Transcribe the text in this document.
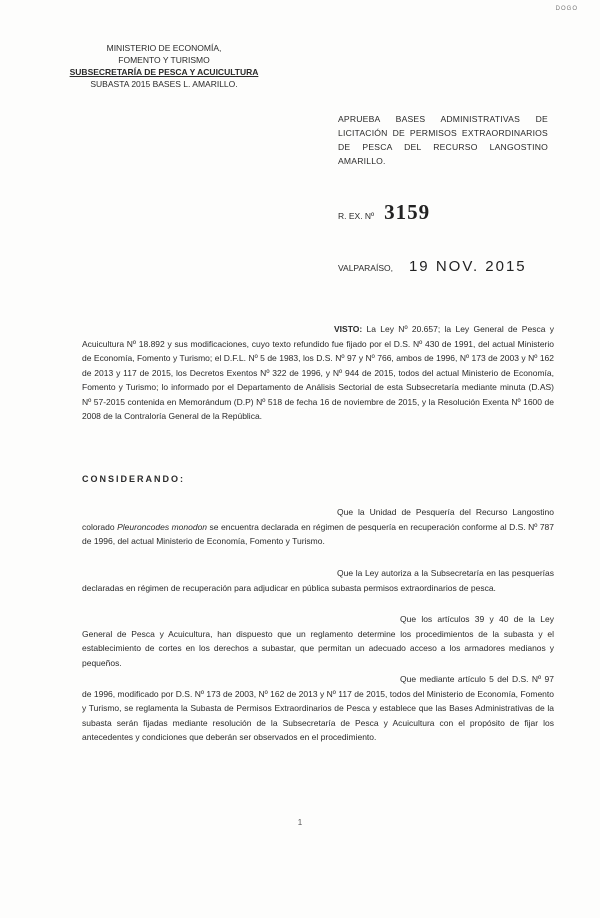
DOGO
MINISTERIO DE ECONOMÍA,
FOMENTO Y TURISMO
SUBSECRETARÍA DE PESCA Y ACUICULTURA
SUBASTA 2015 BASES L. AMARILLO.
APRUEBA BASES ADMINISTRATIVAS DE LICITACIÓN DE PERMISOS EXTRAORDINARIOS DE PESCA DEL RECURSO LANGOSTINO AMARILLO.
R. EX. Nº 3159
VALPARAÍSO, 19 NOV. 2015
VISTO: La Ley Nº 20.657; la Ley General de Pesca y Acuicultura Nº 18.892 y sus modificaciones, cuyo texto refundido fue fijado por el D.S. Nº 430 de 1991, del actual Ministerio de Economía, Fomento y Turismo; el D.F.L. Nº 5 de 1983, los D.S. Nº 97 y Nº 766, ambos de 1996, Nº 173 de 2003 y Nº 162 de 2013 y 117 de 2015, los Decretos Exentos Nº 322 de 1996, y Nº 944 de 2015, todos del actual Ministerio de Economía, Fomento y Turismo; lo informado por el Departamento de Análisis Sectorial de esta Subsecretaría mediante minuta (D.AS) Nº 57-2015 contenida en Memorándum (D.P) Nº 518 de fecha 16 de noviembre de 2015, y la Resolución Exenta Nº 1600 de 2008 de la Contraloría General de la República.
CONSIDERANDO:
Que la Unidad de Pesquería del Recurso Langostino colorado Pleuroncodes monodon se encuentra declarada en régimen de pesquería en recuperación conforme al D.S. Nº 787 de 1996, del actual Ministerio de Economía, Fomento y Turismo.
Que la Ley autoriza a la Subsecretaría en las pesquerías declaradas en régimen de recuperación para adjudicar en pública subasta permisos extraordinarios de pesca.
Que los artículos 39 y 40 de la Ley General de Pesca y Acuicultura, han dispuesto que un reglamento determine los procedimientos de la subasta y el establecimiento de cortes en los derechos a subastar, que permitan un adecuado acceso a los armadores medianos y pequeños.
Que mediante artículo 5 del D.S. Nº 97 de 1996, modificado por D.S. Nº 173 de 2003, Nº 162 de 2013 y Nº 117 de 2015, todos del Ministerio de Economía, Fomento y Turismo, se reglamenta la Subasta de Permisos Extraordinarios de Pesca y establece que las Bases Administrativas de la subasta serán fijadas mediante resolución de la Subsecretaría de Pesca y Acuicultura con el propósito de fijar los antecedentes y condiciones que deberán ser observados en el procedimiento.
1
